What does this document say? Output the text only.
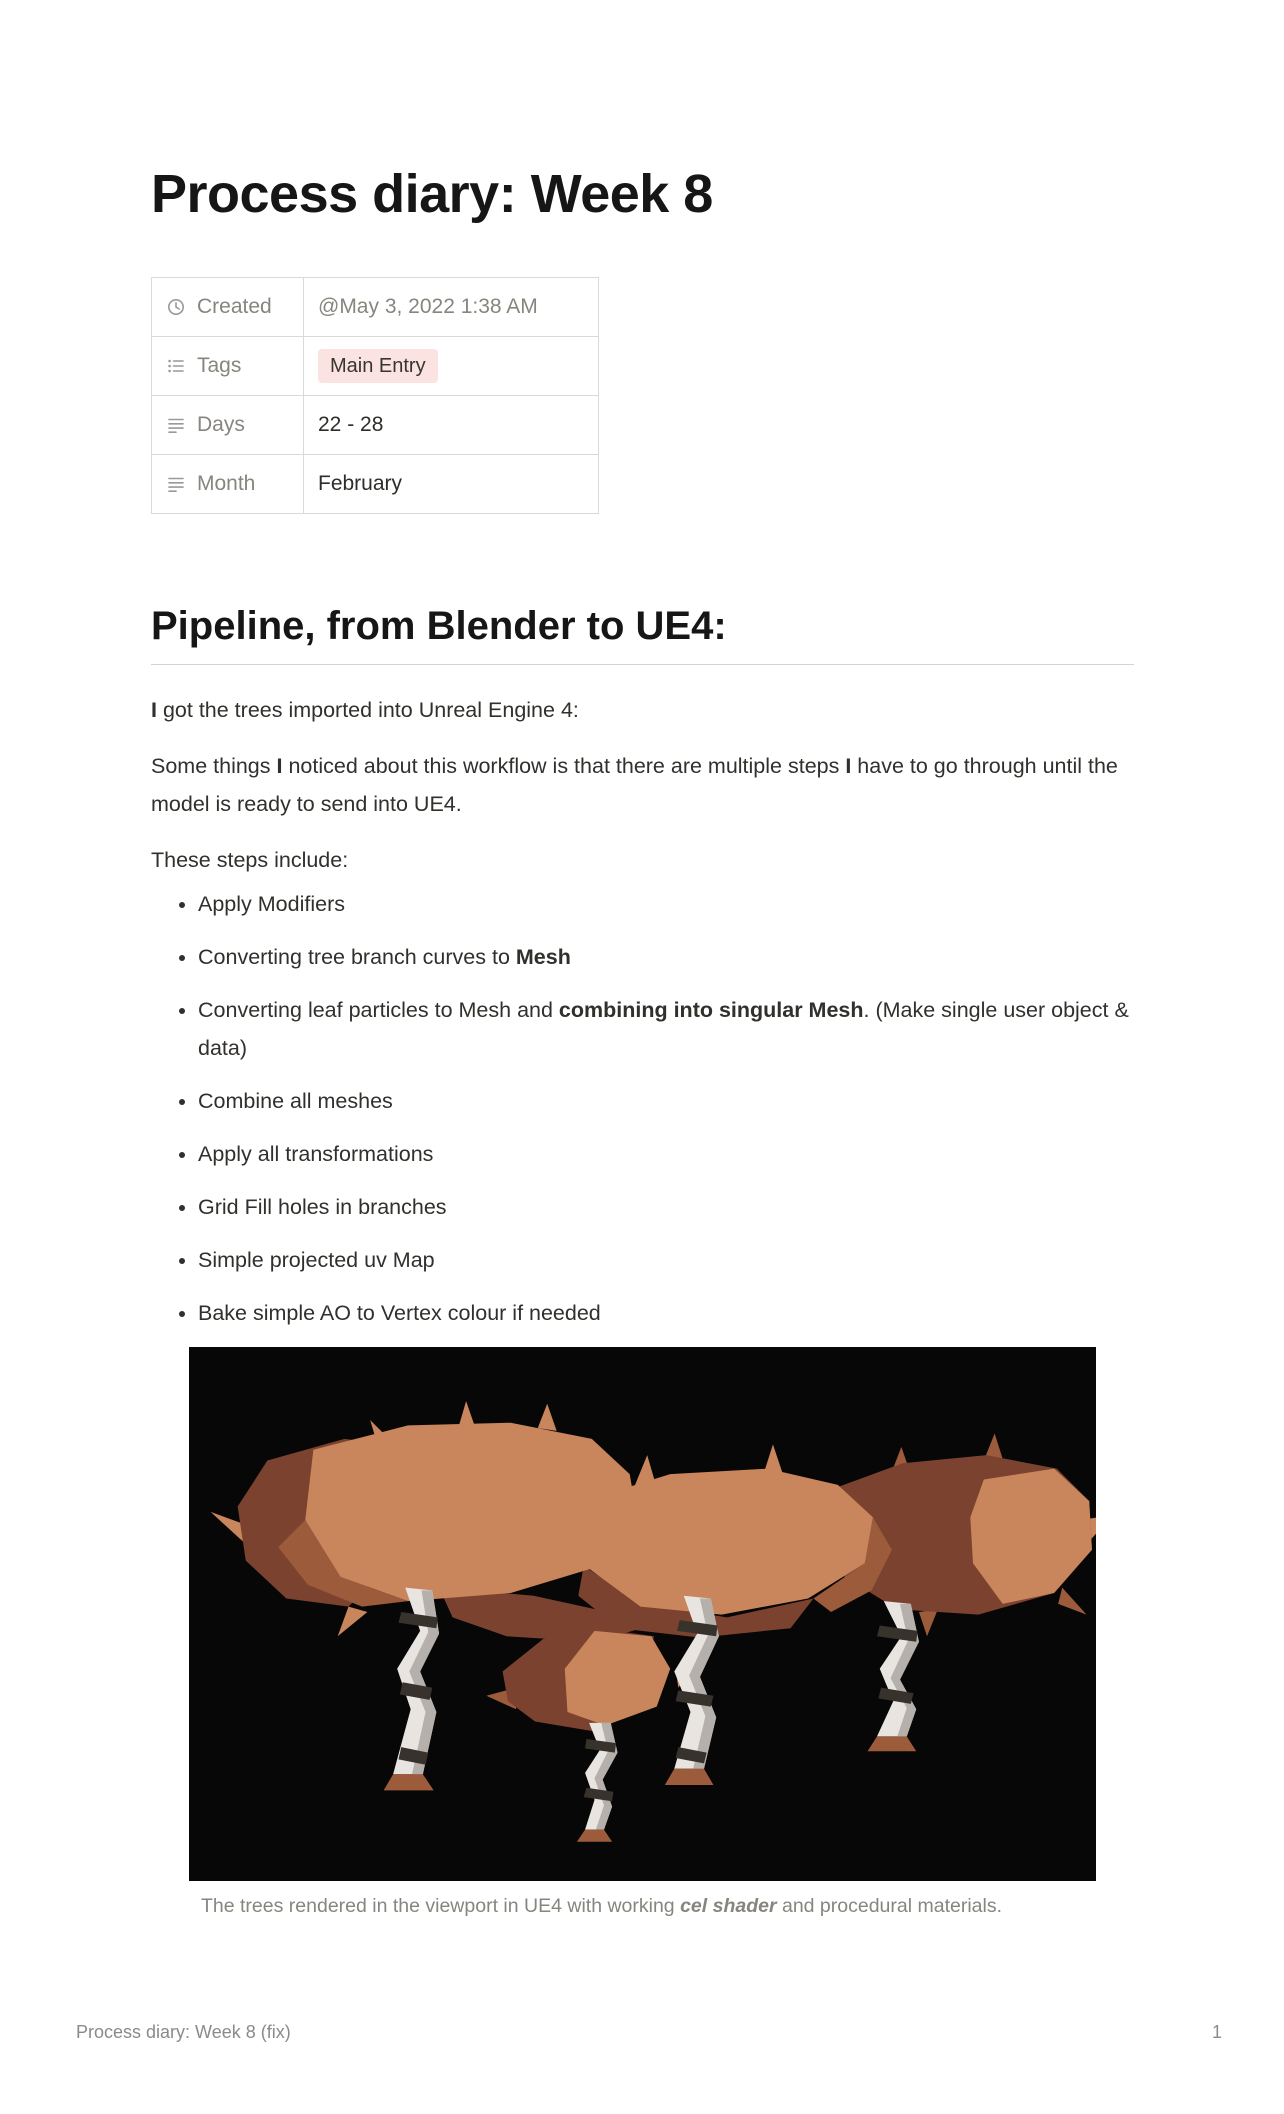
Process diary: Week 8
Created	@May 3, 2022 1:38 AM

Tags	Main Entry

Days	22 - 28

Month	February
Pipeline, from Blender to UE4:

I got the trees imported into Unreal Engine 4:

Some things I noticed about this workflow is that there are multiple steps I have to go through until the model is ready to send into UE4.

These steps include:

• Apply Modifiers
• Converting tree branch curves to Mesh
• Converting leaf particles to Mesh and combining into singular Mesh. (Make single user object & data)
• Combine all meshes
• Apply all transformations
• Grid Fill holes in branches
• Simple projected uv Map
• Bake simple AO to Vertex colour if needed
The trees rendered in the viewport in UE4 with working cel shader and procedural materials.
Process diary: Week 8 (fix)	1
